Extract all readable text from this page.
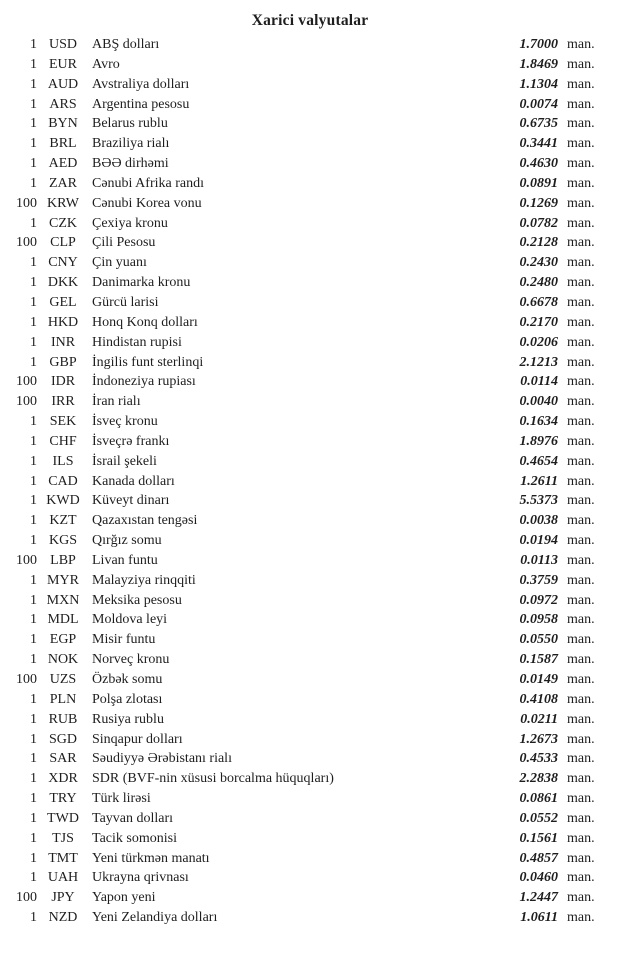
Xarici valyutalar
1 USD	ABŞ dolları	1.7000 man.
1 EUR	Avro	1.8469 man.
1 AUD Avstraliya dolları	1.1304 man.
1 ARS	Argentina pesosu	0.0074 man.
1 BYN	Belarus rublu	0.6735 man.
1 BRL	Braziliya rialı	0.3441 man.
1 AED	BƏƏ dirhəmi	0.4630 man.
1 ZAR	Cənubi Afrika randı	0.0891 man.
100 KRW Cənubi Korea vonu	0.1269 man.
1 CZK	Çexiya kronu	0.0782 man.
100 CLP	Çili Pesosu	0.2128 man.
1 CNY	Çin yuanı	0.2430 man.
1 DKK Danimarka kronu	0.2480 man.
1 GEL	Gürcü larisi	0.6678 man.
1 HKD Honq Konq dolları	0.2170 man.
1 INR	Hindistan rupisi	0.0206 man.
1 GBP	İngilis funt sterlinqi	2.1213 man.
100 IDR	İndoneziya rupiası	0.0114 man.
100	IRR	İran rialı	0.0040 man.
1 SEK	İsveç kronu	0.1634 man.
1 CHF	İsveçrə frankı	1.8976 man.
1	ILS	İsrail şekeli	0.4654 man.
1 CAD	Kanada dolları	1.2611 man.
1 KWD Küveyt dinarı	5.5373 man.
1 KZT	Qazaxıstan tengəsi	0.0038 man.
1 KGS	Qırğız somu	0.0194 man.
100 LBP	Livan funtu	0.0113 man.
1 MYR Malayziya rinqqiti	0.3759 man.
1 MXN Meksika pesosu	0.0972 man.
1 MDL Moldova leyi	0.0958 man.
1 EGP	Misir funtu	0.0550 man.
1 NOK Norveç kronu	0.1587 man.
100 UZS	Özbək somu	0.0149 man.
1 PLN	Polşa zlotası	0.4108 man.
1 RUB	Rusiya rublu	0.0211 man.
1 SGD	Sinqapur dolları	1.2673 man.
1 SAR	Səudiyyə Ərəbistanı rialı	0.4533 man.
1 XDR	SDR (BVF-nin xüsusi borcalma hüquqları)	2.2838 man.
1 TRY	Türk lirəsi	0.0861 man.
1 TWD Tayvan dolları	0.0552 man.
1	TJS	Tacik somonisi	0.1561 man.
1 TMT	Yeni türkmən manatı	0.4857 man.
1 UAH Ukrayna qrivnası	0.0460 man.
100	JPY	Yapon yeni	1.2447 man.
1 NZD	Yeni Zelandiya dolları	1.0611 man.
